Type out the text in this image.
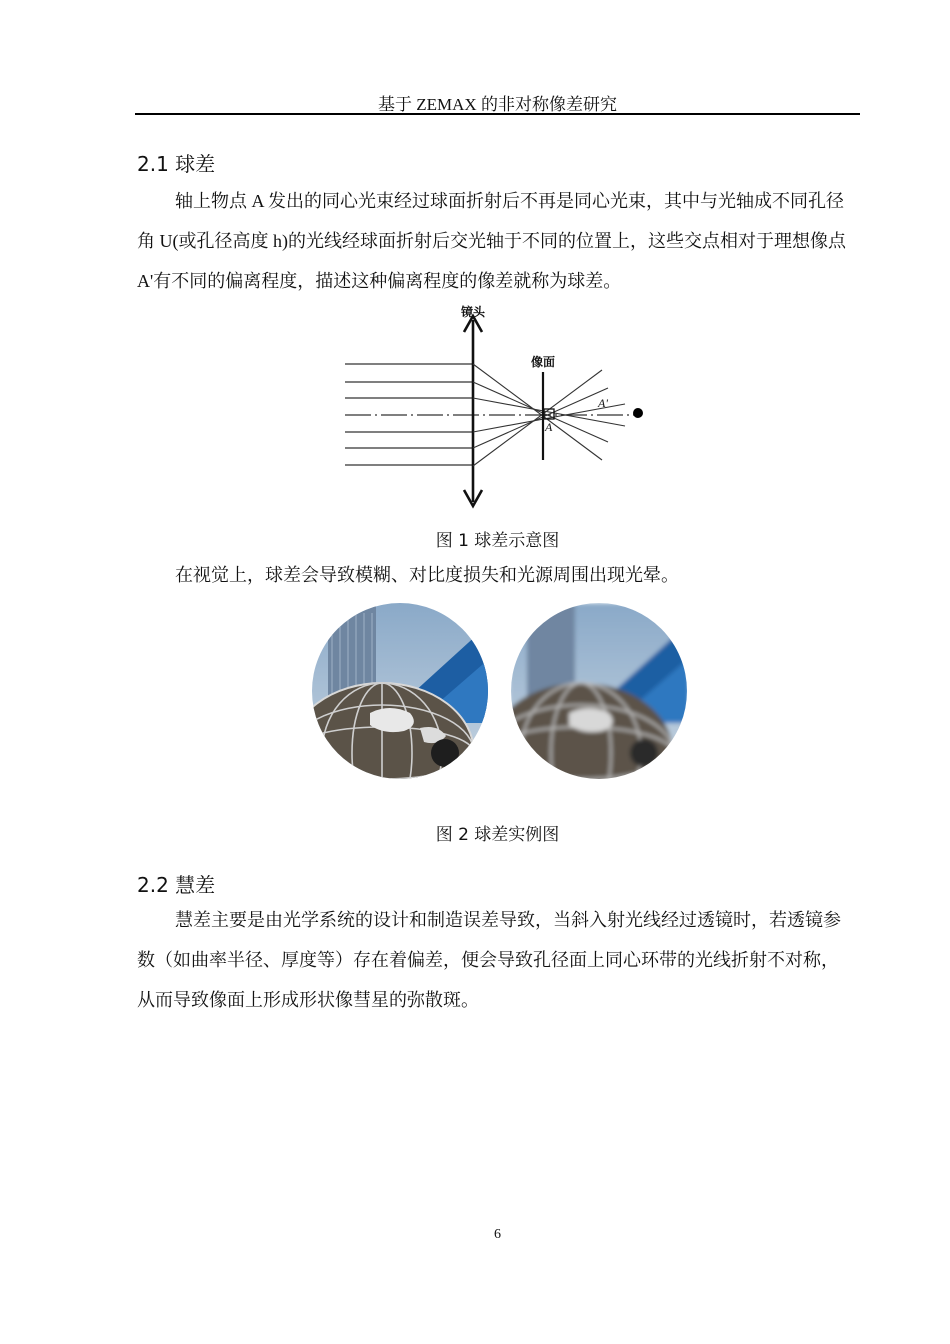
基于 ZEMAX 的非对称像差研究
2.1 球差

轴上物点 A 发出的同心光束经过球面折射后不再是同心光束，其中与光轴成不同孔径角 U(或孔径高度 h)的光线经球面折射后交光轴于不同的位置上，这些交点相对于理想像点 A'有不同的偏离程度，描述这种偏离程度的像差就称为球差。

镜头
像面
A
A'
图 1 球差示意图

在视觉上，球差会导致模糊、对比度损失和光源周围出现光晕。

图 2 球差实例图
2.2 慧差

慧差主要是由光学系统的设计和制造误差导致，当斜入射光线经过透镜时，若透镜参数（如曲率半径、厚度等）存在着偏差，便会导致孔径面上同心环带的光线折射不对称，从而导致像面上形成形状像彗星的弥散斑。

6
